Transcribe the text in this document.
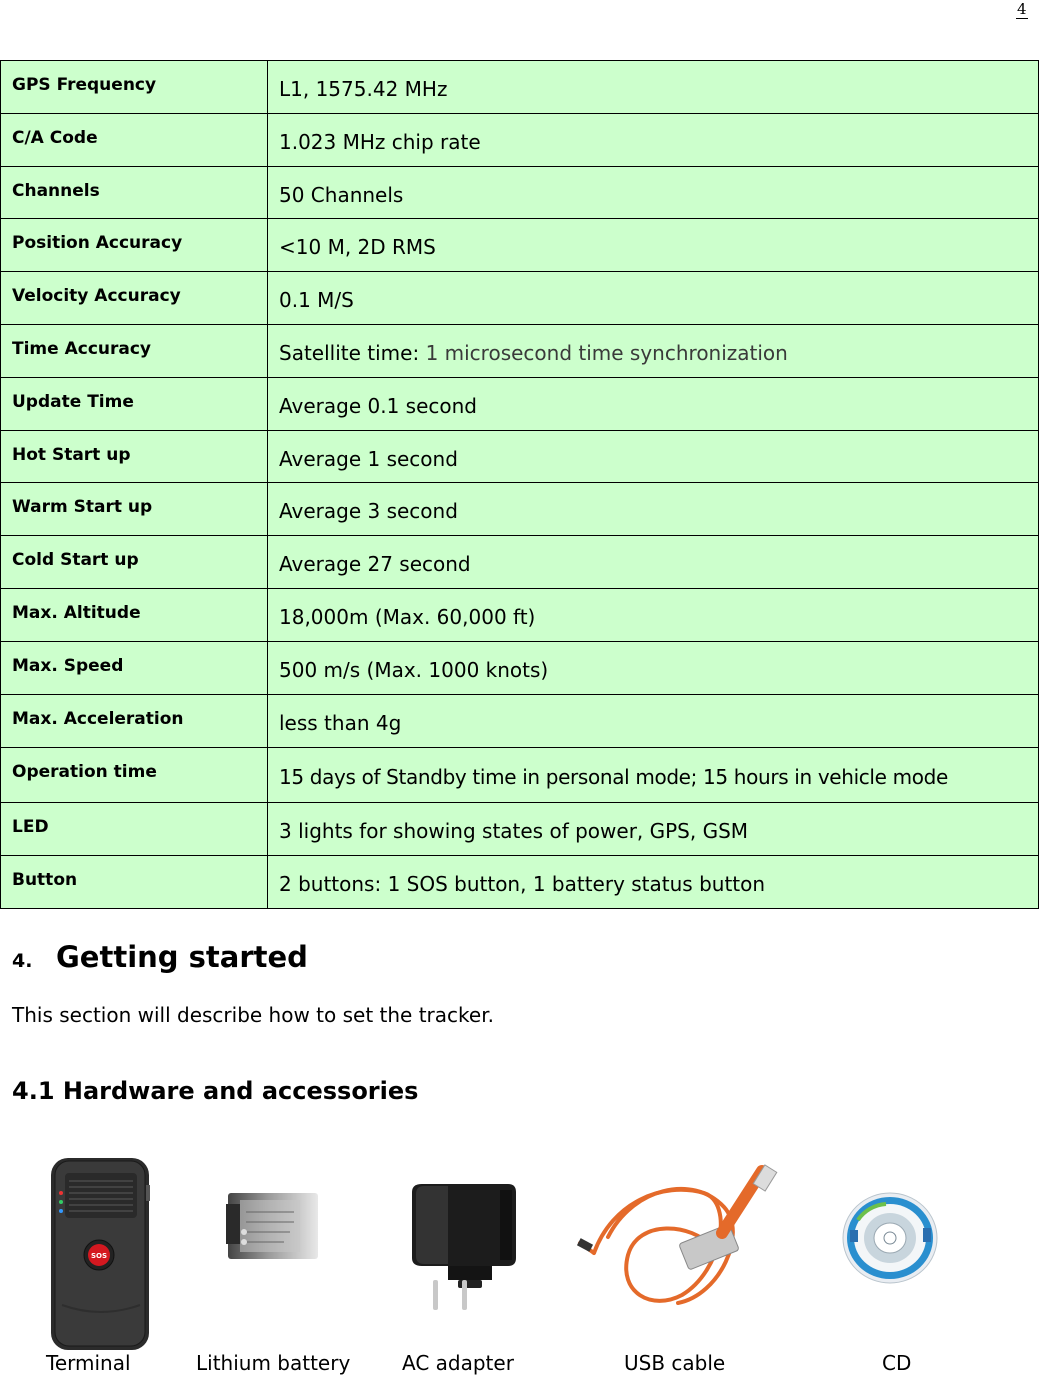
4
GPS Frequency	L1, 1575.42 MHz
C/A Code	1.023 MHz chip rate
Channels	50 Channels
Position Accuracy	<10 M, 2D RMS
Velocity Accuracy	0.1 M/S
Time Accuracy	Satellite time: 1 microsecond time synchronization
Update Time	Average 0.1 second
Hot Start up	Average 1 second
Warm Start up	Average 3 second
Cold Start up	Average 27 second
Max. Altitude	18,000m (Max. 60,000 ft)
Max. Speed	500 m/s (Max. 1000 knots)
Max. Acceleration	less than 4g
Operation time	15 days of Standby time in personal mode; 15 hours in vehicle mode
LED	3 lights for showing states of power, GPS, GSM
Button	2 buttons: 1 SOS button, 1 battery status button
4. Getting started

This section will describe how to set the tracker.

4.1 Hardware and accessories
SOS
Terminal	Lithium battery	AC adapter	USB cable	CD
